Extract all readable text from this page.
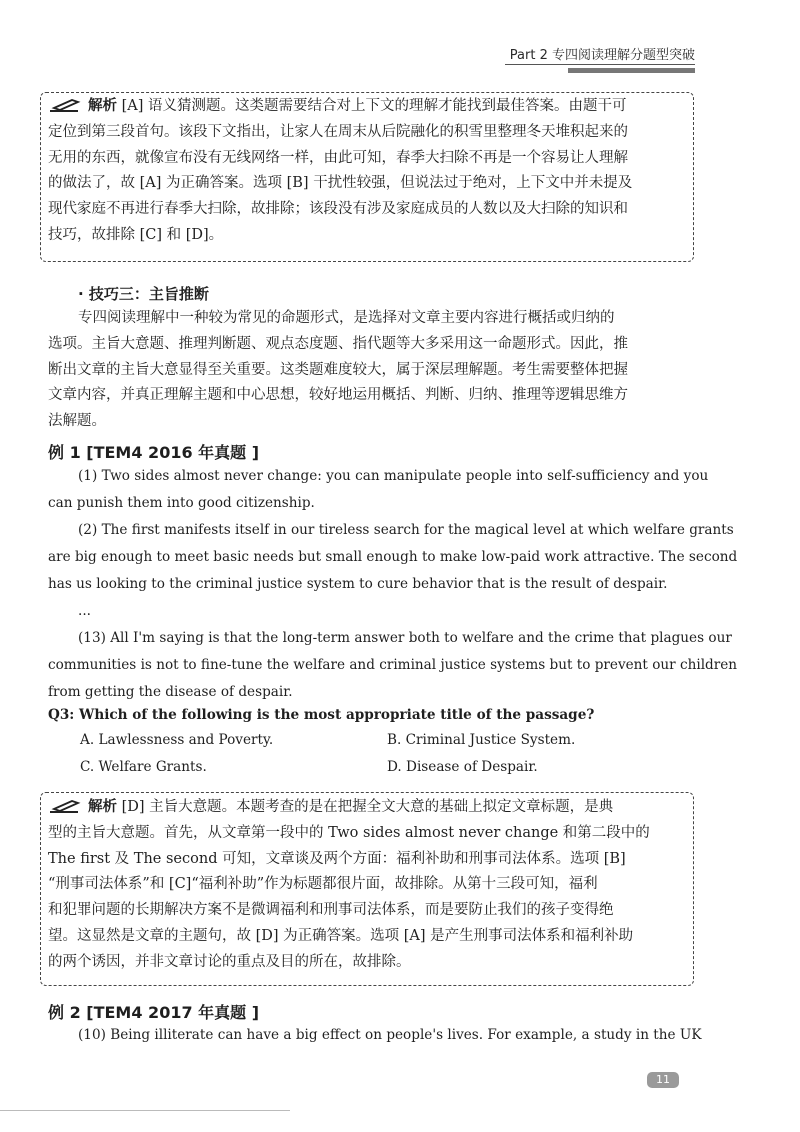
Part 2 专四阅读理解分题型突破
解析 [A] 语义猜测题。这类题需要结合对上下文的理解才能找到最佳答案。由题干可
定位到第三段首句。该段下文指出，让家人在周末从后院融化的积雪里整理冬天堆积起来的
无用的东西，就像宣布没有无线网络一样，由此可知，春季大扫除不再是一个容易让人理解
的做法了，故 [A] 为正确答案。选项 [B] 干扰性较强，但说法过于绝对，上下文中并未提及
现代家庭不再进行春季大扫除，故排除；该段没有涉及家庭成员的人数以及大扫除的知识和
技巧，故排除 [C] 和 [D]。
· 技巧三：主旨推断
专四阅读理解中一种较为常见的命题形式，是选择对文章主要内容进行概括或归纳的
选项。主旨大意题、推理判断题、观点态度题、指代题等大多采用这一命题形式。因此，推
断出文章的主旨大意显得至关重要。这类题难度较大，属于深层理解题。考生需要整体把握
文章内容，并真正理解主题和中心思想，较好地运用概括、判断、归纳、推理等逻辑思维方
法解题。
例 1 [TEM4 2016 年真题 ]
(1) Two sides almost never change: you can manipulate people into self-sufficiency and you
can punish them into good citizenship.
(2) The first manifests itself in our tireless search for the magical level at which welfare grants
are big enough to meet basic needs but small enough to make low-paid work attractive. The second
has us looking to the criminal justice system to cure behavior that is the result of despair.
...
(13) All I'm saying is that the long-term answer both to welfare and the crime that plagues our
communities is not to fine-tune the welfare and criminal justice systems but to prevent our children
from getting the disease of despair.
Q3: Which of the following is the most appropriate title of the passage?
A. Lawlessness and Poverty.	B. Criminal Justice System.
C. Welfare Grants.	D. Disease of Despair.
解析 [D] 主旨大意题。本题考查的是在把握全文大意的基础上拟定文章标题，是典
型的主旨大意题。首先，从文章第一段中的 Two sides almost never change 和第二段中的
The first 及 The second 可知，文章谈及两个方面：福利补助和刑事司法体系。选项 [B]
“刑事司法体系”和 [C]“福利补助”作为标题都很片面，故排除。从第十三段可知，福利
和犯罪问题的长期解决方案不是微调福利和刑事司法体系，而是要防止我们的孩子变得绝
望。这显然是文章的主题句，故 [D] 为正确答案。选项 [A] 是产生刑事司法体系和福利补助
的两个诱因，并非文章讨论的重点及目的所在，故排除。
例 2 [TEM4 2017 年真题 ]
(10) Being illiterate can have a big effect on people's lives. For example, a study in the UK
11
